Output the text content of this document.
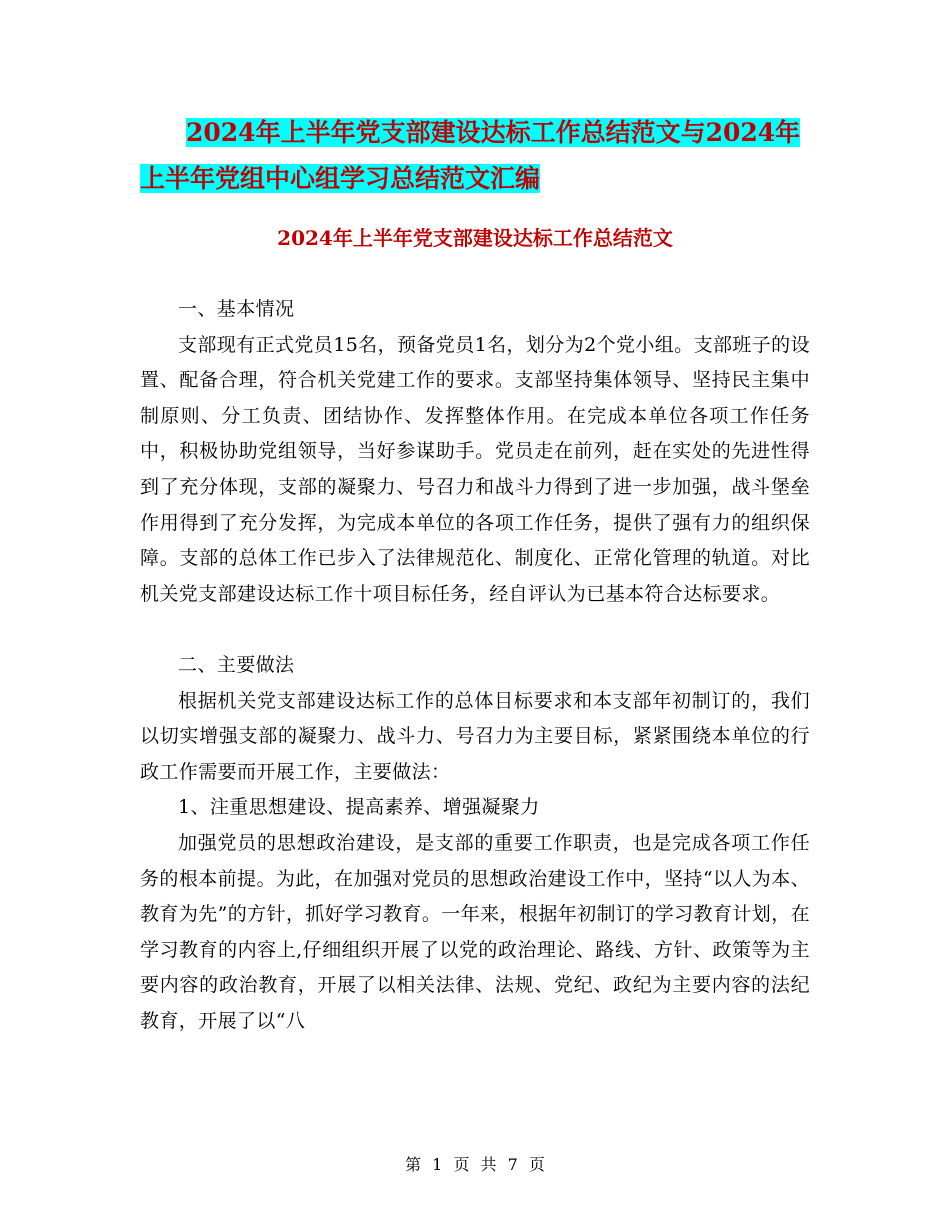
2024年上半年党支部建设达标工作总结范文与2024年
上半年党组中心组学习总结范文汇编
2024年上半年党支部建设达标工作总结范文

一、基本情况

支部现有正式党员15名，预备党员1名，划分为2个党小组。支部班子的设置、配备合理，符合机关党建工作的要求。支部坚持集体领导、坚持民主集中制原则、分工负责、团结协作、发挥整体作用。在完成本单位各项工作任务中，积极协助党组领导，当好参谋助手。党员走在前列，赶在实处的先进性得到了充分体现，支部的凝聚力、号召力和战斗力得到了进一步加强，战斗堡垒作用得到了充分发挥，为完成本单位的各项工作任务，提供了强有力的组织保障。支部的总体工作已步入了法律规范化、制度化、正常化管理的轨道。对比机关党支部建设达标工作十项目标任务，经自评认为已基本符合达标要求。

二、主要做法

根据机关党支部建设达标工作的总体目标要求和本支部年初制订的，我们以切实增强支部的凝聚力、战斗力、号召力为主要目标，紧紧围绕本单位的行政工作需要而开展工作，主要做法：

1、注重思想建设、提高素养、增强凝聚力

加强党员的思想政治建设，是支部的重要工作职责，也是完成各项工作任务的根本前提。为此，在加强对党员的思想政治建设工作中，坚持“以人为本、教育为先”的方针，抓好学习教育。一年来，根据年初制订的学习教育计划，在学习教育的内容上,仔细组织开展了以党的政治理论、路线、方针、政策等为主要内容的政治教育，开展了以相关法律、法规、党纪、政纪为主要内容的法纪教育，开展了以“八

第 1 页 共 7 页
